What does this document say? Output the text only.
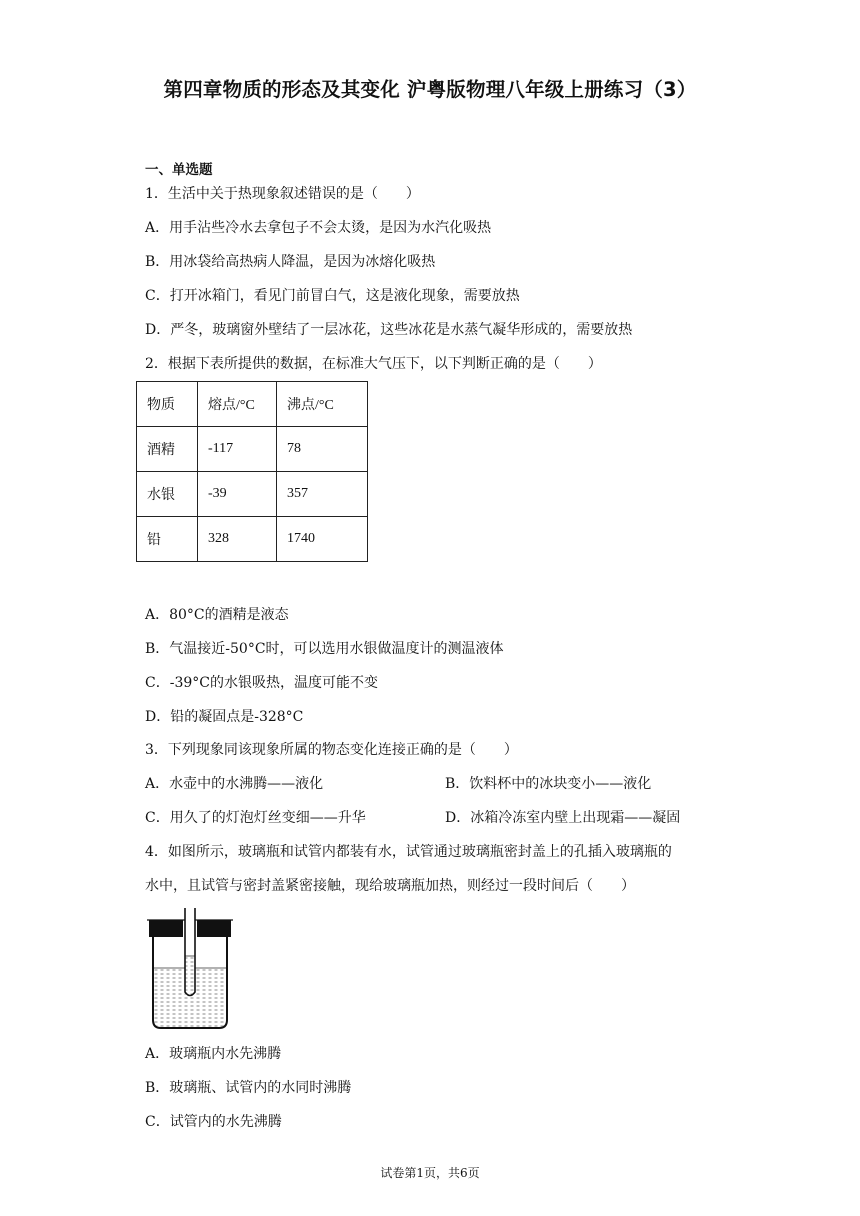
第四章物质的形态及其变化 沪粤版物理八年级上册练习（3）
一、单选题
1．生活中关于热现象叙述错误的是（　　）
A．用手沾些冷水去拿包子不会太烫，是因为水汽化吸热
B．用冰袋给高热病人降温，是因为冰熔化吸热
C．打开冰箱门，看见门前冒白气，这是液化现象，需要放热
D．严冬，玻璃窗外壁结了一层冰花，这些冰花是水蒸气凝华形成的，需要放热
2．根据下表所提供的数据，在标准大气压下，以下判断正确的是（　　）
物质	熔点/°C	沸点/°C
酒精	-117	78
水银	-39	357
铅	328	1740
A．80°C的酒精是液态
B．气温接近-50°C时，可以选用水银做温度计的测温液体
C．-39°C的水银吸热，温度可能不变
D．铅的凝固点是-328°C
3．下列现象同该现象所属的物态变化连接正确的是（　　）
A．水壶中的水沸腾——液化	B．饮料杯中的冰块变小——液化
C．用久了的灯泡灯丝变细——升华	D．冰箱冷冻室内壁上出现霜——凝固
4．如图所示，玻璃瓶和试管内都装有水，试管通过玻璃瓶密封盖上的孔插入玻璃瓶的
水中，且试管与密封盖紧密接触，现给玻璃瓶加热，则经过一段时间后（　　）
A．玻璃瓶内水先沸腾
B．玻璃瓶、试管内的水同时沸腾
C．试管内的水先沸腾
试卷第1页，共6页
